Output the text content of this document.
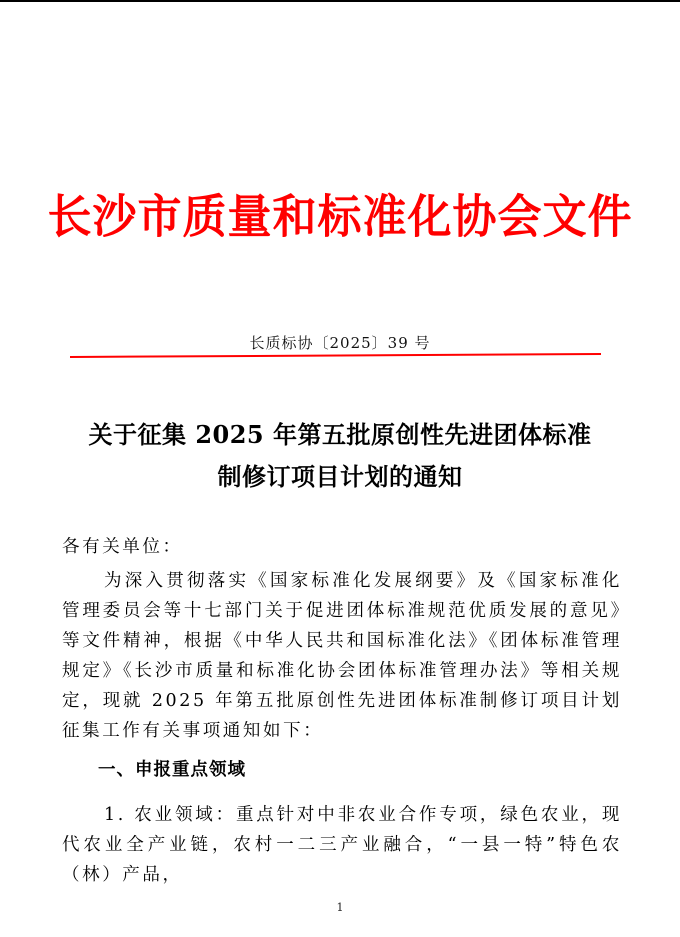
长沙市质量和标准化协会文件
长质标协〔2025〕39 号
关于征集 2025 年第五批原创性先进团体标准
制修订项目计划的通知
各有关单位：
为深入贯彻落实《国家标准化发展纲要》及《国家标准化管理委员会等十七部门关于促进团体标准规范优质发展的意见》等文件精神，根据《中华人民共和国标准化法》《团体标准管理规定》《长沙市质量和标准化协会团体标准管理办法》等相关规定，现就 2025 年第五批原创性先进团体标准制修订项目计划征集工作有关事项通知如下：
一、申报重点领域
1. 农业领域：重点针对中非农业合作专项，绿色农业，现代农业全产业链，农村一二三产业融合，“一县一特”特色农（林）产品，
1
